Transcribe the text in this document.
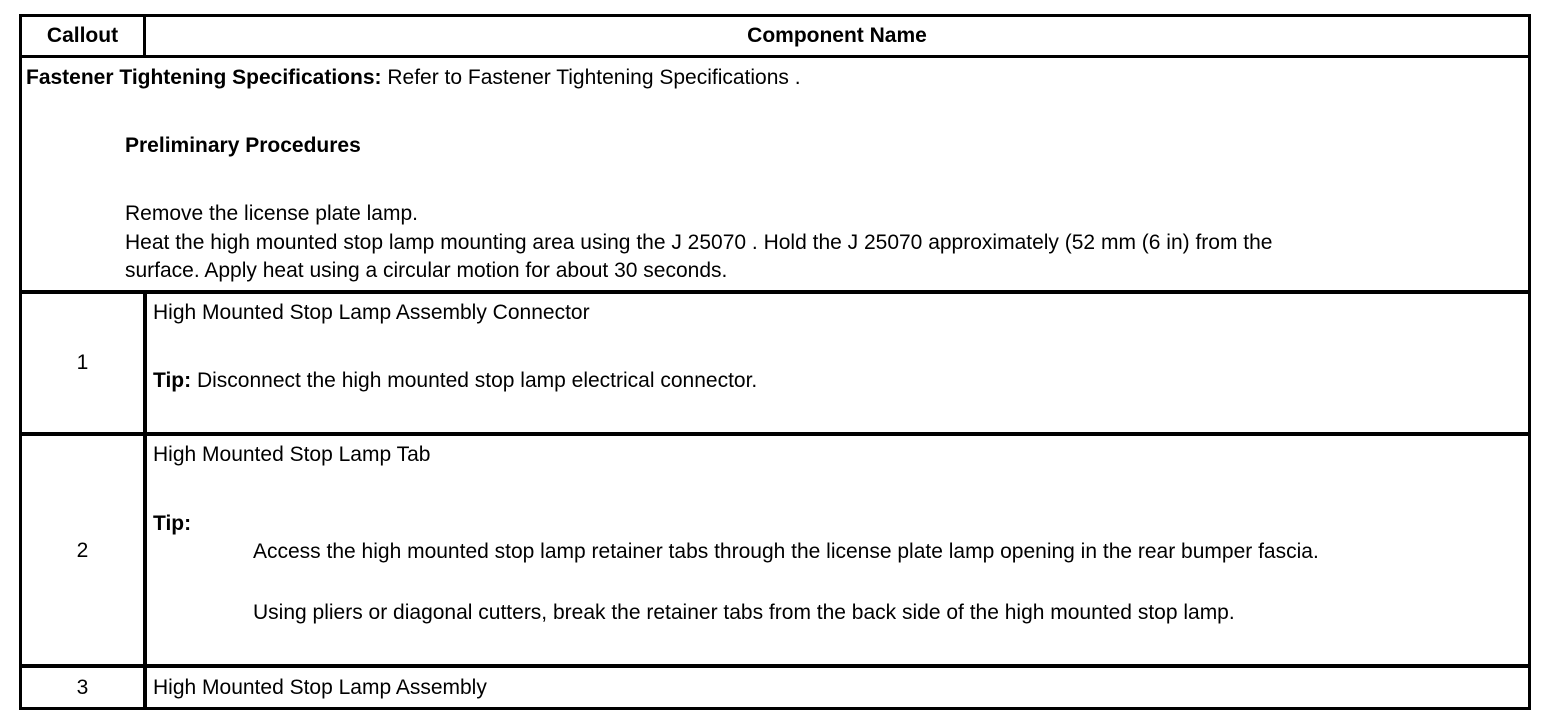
Callout	Component Name
Fastener Tightening Specifications: Refer to Fastener Tightening Specifications .
Preliminary Procedures
Remove the license plate lamp.
Heat the high mounted stop lamp mounting area using the J 25070 . Hold the J 25070 approximately (52 mm (6 in) from the
surface. Apply heat using a circular motion for about 30 seconds.
1
High Mounted Stop Lamp Assembly Connector
Tip: Disconnect the high mounted stop lamp electrical connector.
2
High Mounted Stop Lamp Tab
Tip:
Access the high mounted stop lamp retainer tabs through the license plate lamp opening in the rear bumper fascia.
Using pliers or diagonal cutters, break the retainer tabs from the back side of the high mounted stop lamp.
3	High Mounted Stop Lamp Assembly
